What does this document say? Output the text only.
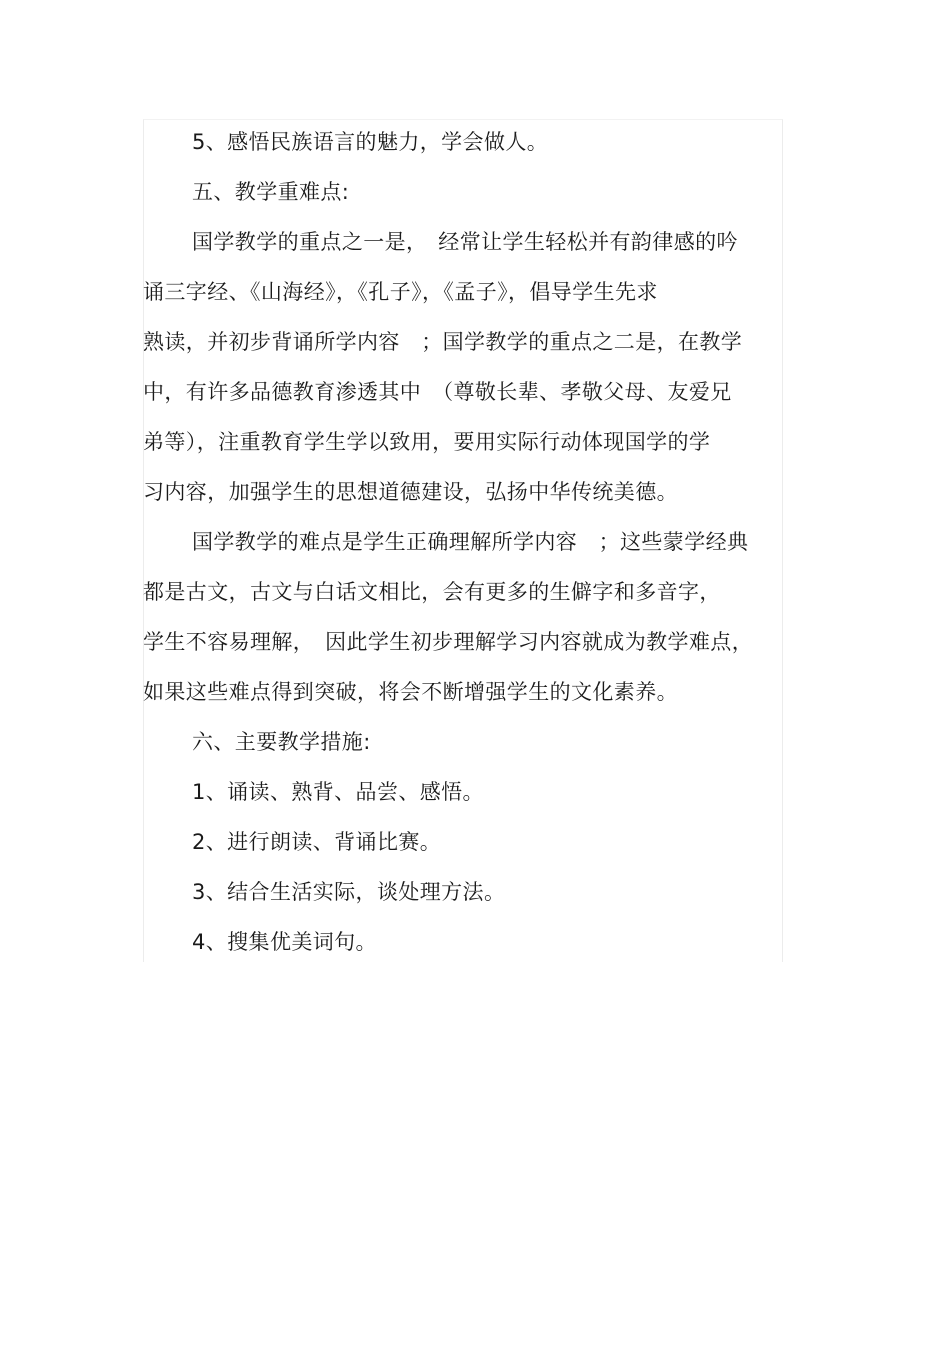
5、感悟民族语言的魅力，学会做人。
五、教学重难点:
国学教学的重点之一是，　经常让学生轻松并有韵律感的吟
诵三字经、《山海经》，《孔子》，《孟子》，倡导学生先求
熟读，并初步背诵所学内容　；国学教学的重点之二是，在教学
中，有许多品德教育渗透其中　（尊敬长辈、孝敬父母、友爱兄
弟等），注重教育学生学以致用，要用实际行动体现国学的学
习内容，加强学生的思想道德建设，弘扬中华传统美德。
国学教学的难点是学生正确理解所学内容　；这些蒙学经典
都是古文，古文与白话文相比，会有更多的生僻字和多音字，
学生不容易理解，　因此学生初步理解学习内容就成为教学难点，
如果这些难点得到突破，将会不断增强学生的文化素养。
六、主要教学措施:
1、诵读、熟背、品尝、感悟。
2、进行朗读、背诵比赛。
3、结合生活实际，谈处理方法。
4、搜集优美词句。
